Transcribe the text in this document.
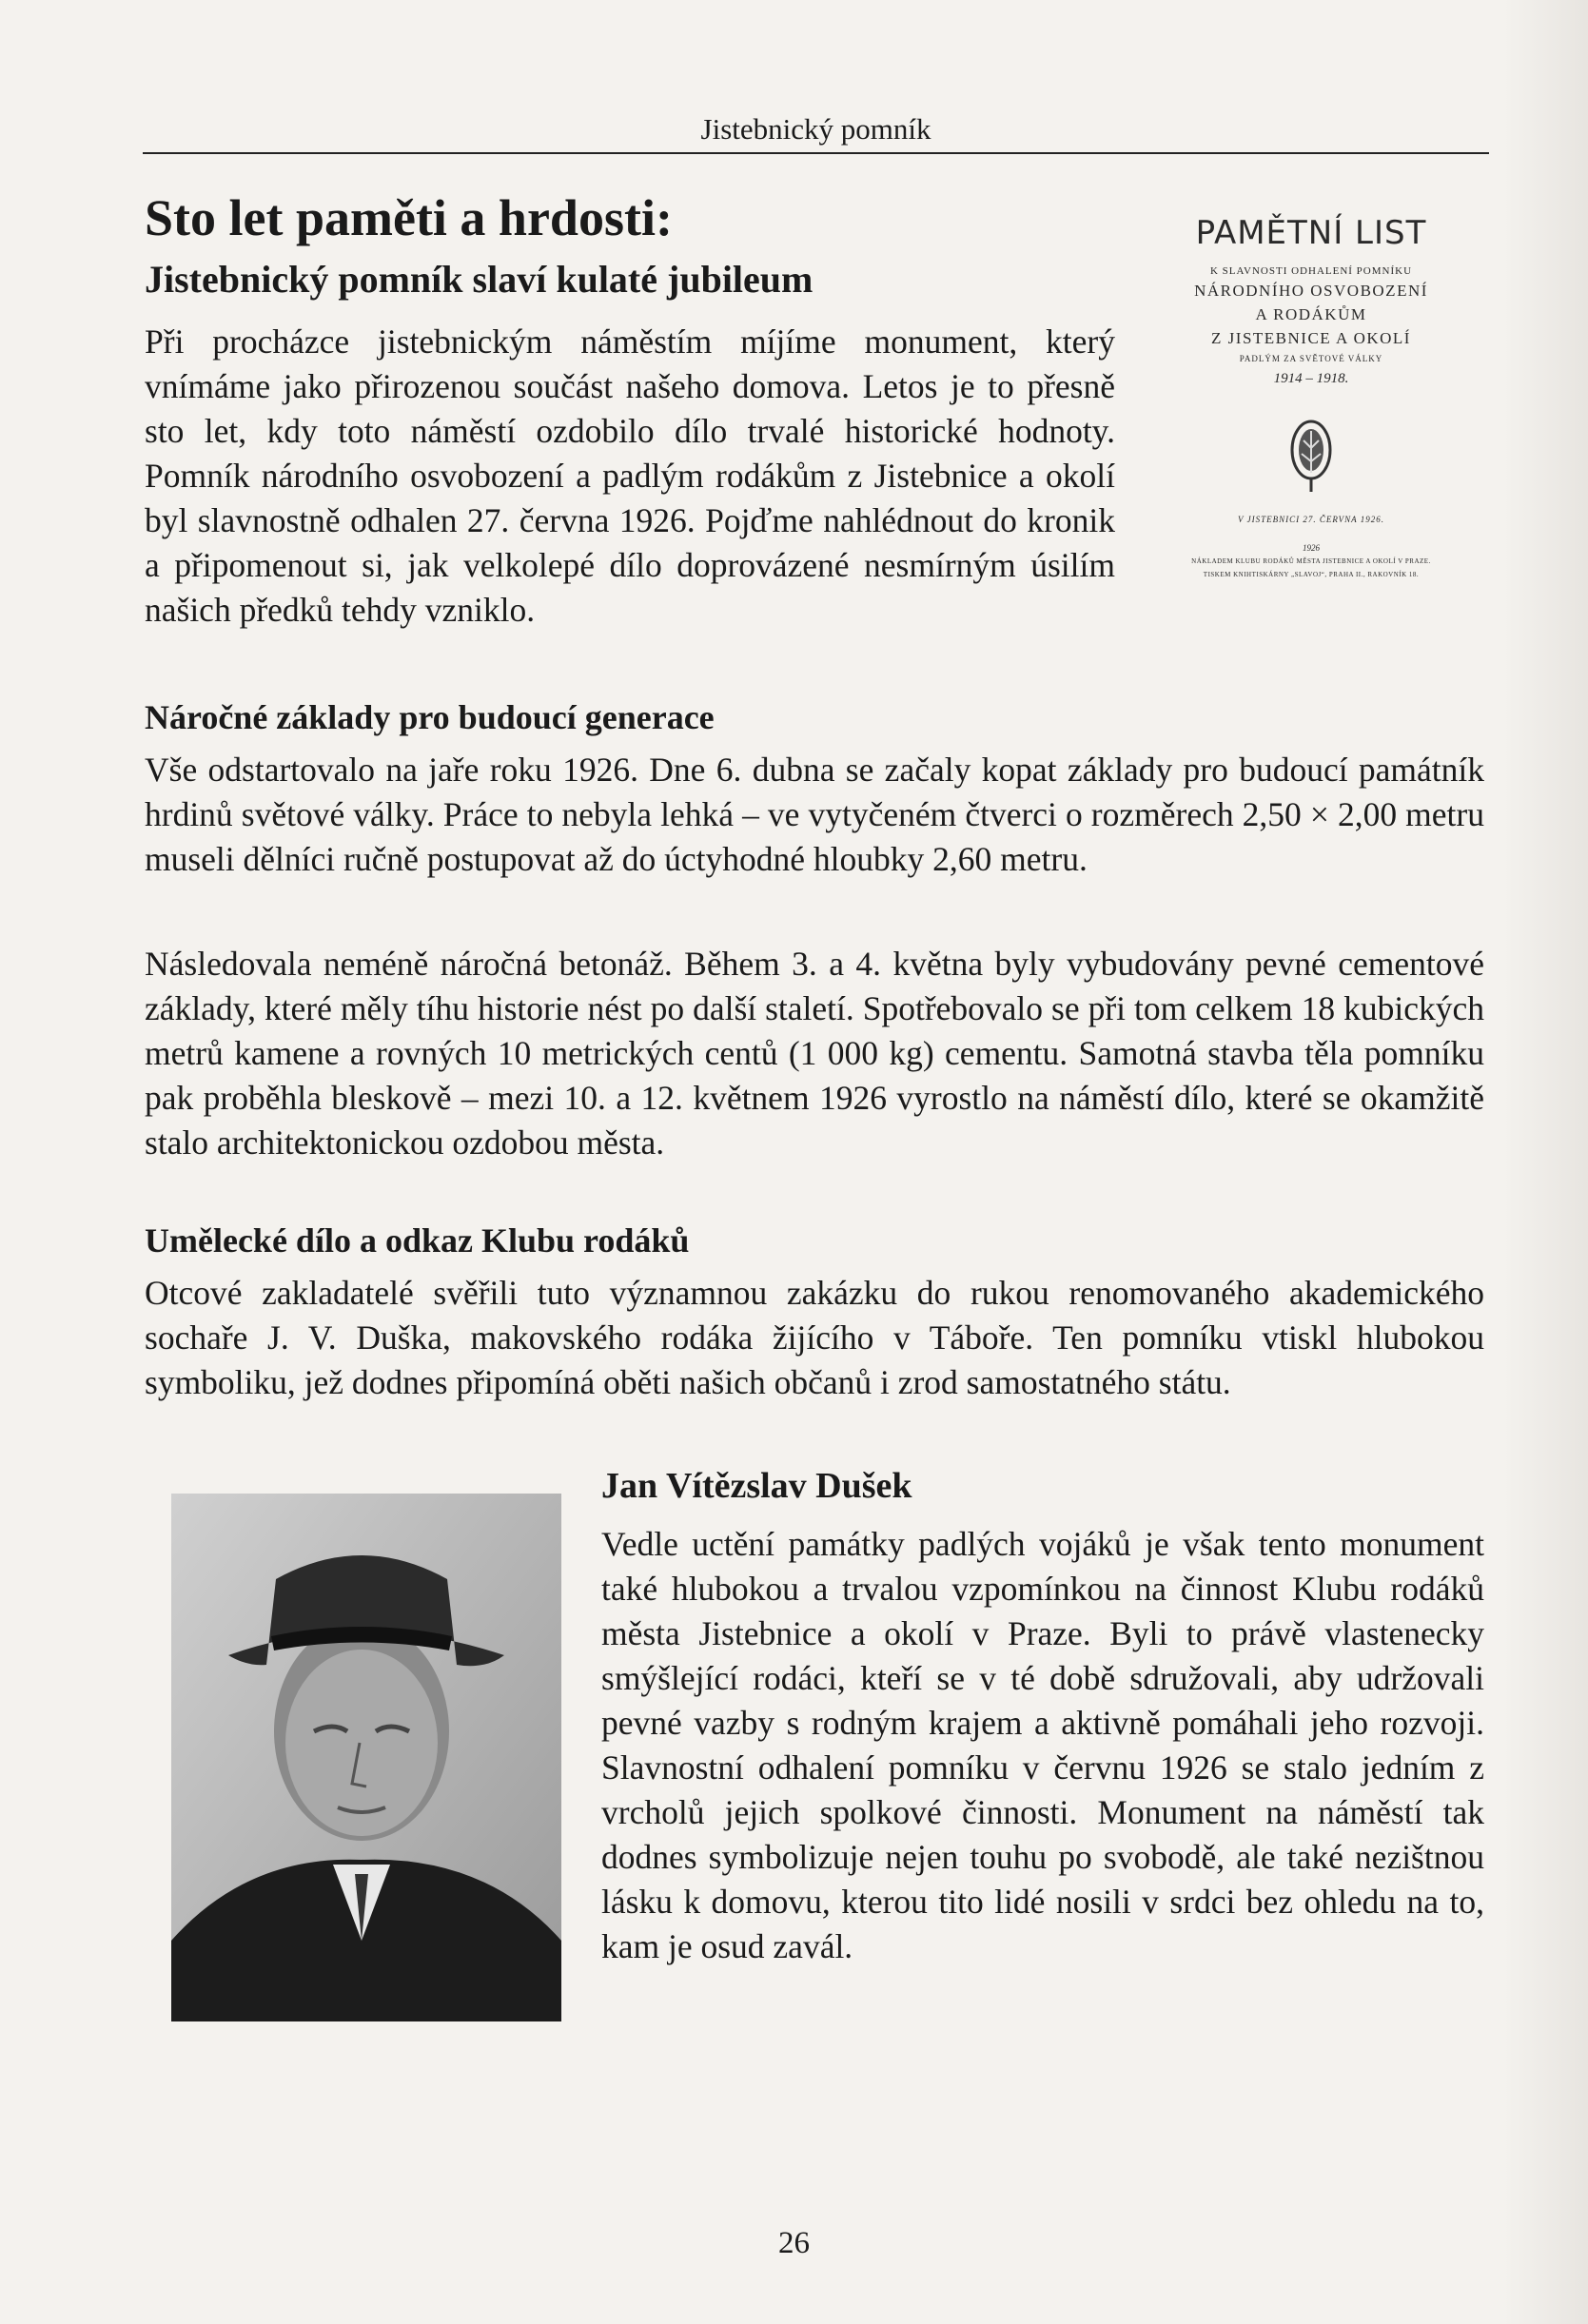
Jistebnický pomník
Sto let paměti a hrdosti:
Jistebnický pomník slaví kulaté jubileum

Při procházce jistebnickým náměstím míjíme monument, který vnímáme jako přirozenou součást našeho domova. Letos je to přesně sto let, kdy toto náměstí ozdobilo dílo trvalé historické hodnoty. Pomník národního osvobození a padlým rodákům z Jistebnice a okolí byl slavnostně odhalen 27. června 1926. Pojďme nahlédnout do kronik a připomenout si, jak velkolepé dílo doprovázené nesmírným úsilím našich předků tehdy vzniklo.

PAMĚTNÍ LIST
K SLAVNOSTI ODHALENÍ POMNÍKU
NÁRODNÍHO OSVOBOZENÍ
A RODÁKŮM
Z JISTEBNICE A OKOLÍ
PADLÝM ZA SVĚTOVÉ VÁLKY
1914 – 1918.
V JISTEBNICI 27. ČERVNA 1926.
1926
NÁKLADEM KLUBU RODÁKŮ MĚSTA JISTEBNICE A OKOLÍ V PRAZE.
TISKEM KNIHTISKÁRNY „SLAVOJ“, PRAHA II., RAKOVNÍK 18.
Náročné základy pro budoucí generace

Vše odstartovalo na jaře roku 1926. Dne 6. dubna se začaly kopat základy pro budoucí památník hrdinů světové války. Práce to nebyla lehká – ve vytyčeném čtverci o rozměrech 2,50 × 2,00 metru museli dělníci ručně postupovat až do úctyhodné hloubky 2,60 metru.

Následovala neméně náročná betonáž. Během 3. a 4. května byly vybudovány pevné cementové základy, které měly tíhu historie nést po další staletí. Spotřebovalo se při tom celkem 18 kubických metrů kamene a rovných 10 metrických centů (1 000 kg) cementu. Samotná stavba těla pomníku pak proběhla bleskově – mezi 10. a 12. květnem 1926 vyrostlo na náměstí dílo, které se okamžitě stalo architektonickou ozdobou města.

Umělecké dílo a odkaz Klubu rodáků

Otcové zakladatelé svěřili tuto významnou zakázku do rukou renomovaného akademického sochaře J. V. Duška, makovského rodáka žijícího v Táboře. Ten pomníku vtiskl hlubokou symboliku, jež dodnes připomíná oběti našich občanů i zrod samostatného státu.

Jan Vítězslav Dušek

Vedle uctění památky padlých vojáků je však tento monument také hlubokou a trvalou vzpomínkou na činnost Klubu rodáků města Jistebnice a okolí v Praze. Byli to právě vlastenecky smýšlející rodáci, kteří se v té době sdružovali, aby udržovali pevné vazby s rodným krajem a aktivně pomáhali jeho rozvoji. Slavnostní odhalení pomníku v červnu 1926 se stalo jedním z vrcholů jejich spolkové činnosti. Monument na náměstí tak dodnes symbolizuje nejen touhu po svobodě, ale také nezištnou lásku k domovu, kterou tito lidé nosili v srdci bez ohledu na to, kam je osud zavál.

26
